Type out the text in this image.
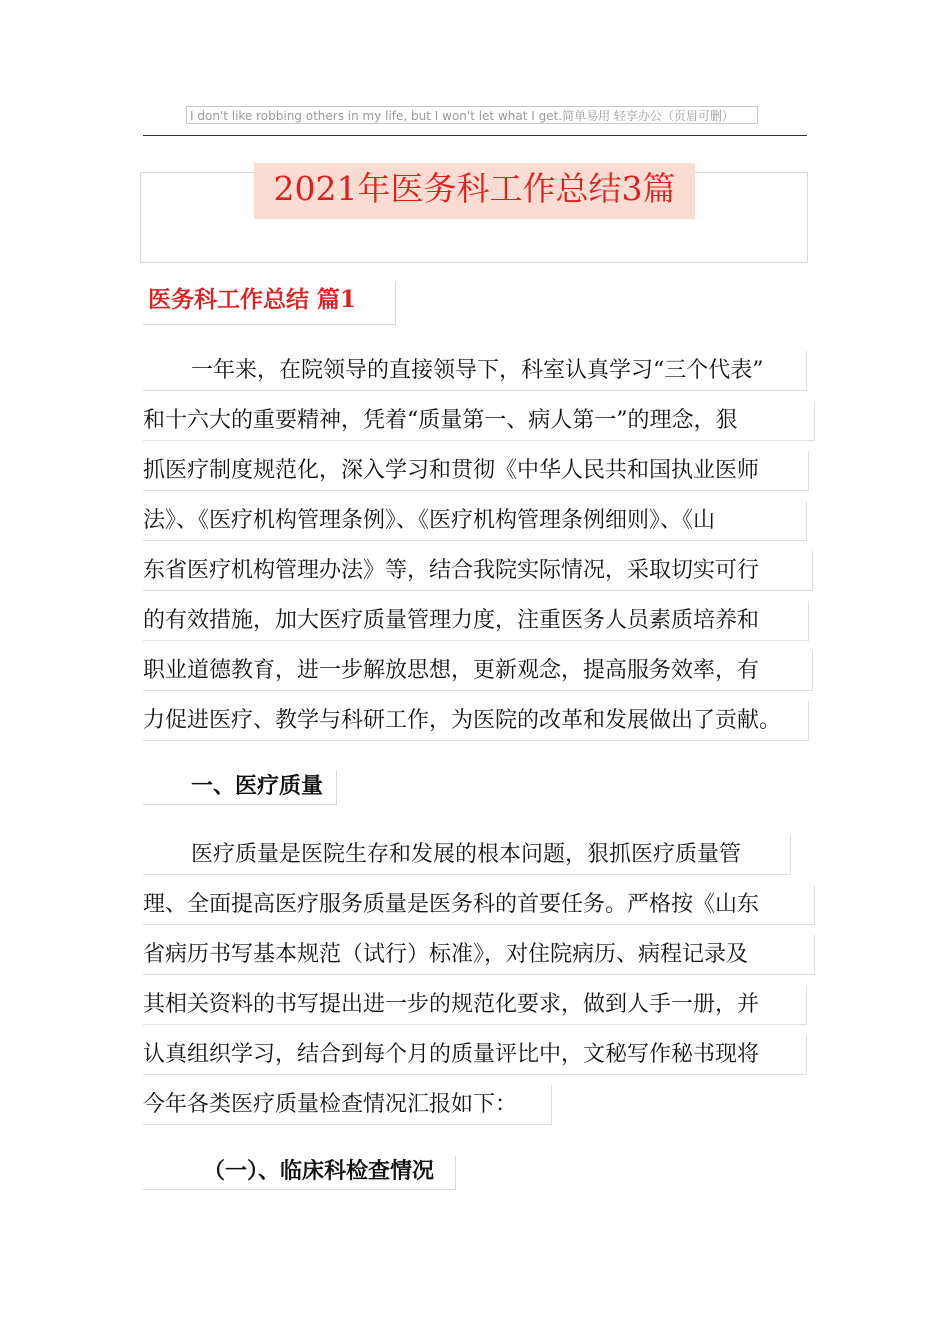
I don't like robbing others in my life, but I won't let what I get.简单易用 轻享办公（页眉可删）
2021年医务科工作总结3篇
医务科工作总结 篇1
一年来，在院领导的直接领导下，科室认真学习“三个代表”
和十六大的重要精神，凭着“质量第一、病人第一”的理念，狠
抓医疗制度规范化，深入学习和贯彻《中华人民共和国执业医师
法》、《医疗机构管理条例》、《医疗机构管理条例细则》、《山
东省医疗机构管理办法》等，结合我院实际情况，采取切实可行
的有效措施，加大医疗质量管理力度，注重医务人员素质培养和
职业道德教育，进一步解放思想，更新观念，提高服务效率，有
力促进医疗、教学与科研工作，为医院的改革和发展做出了贡献。
一、医疗质量
医疗质量是医院生存和发展的根本问题，狠抓医疗质量管
理、全面提高医疗服务质量是医务科的首要任务。严格按《山东
省病历书写基本规范（试行）标准》，对住院病历、病程记录及
其相关资料的书写提出进一步的规范化要求，做到人手一册，并
认真组织学习，结合到每个月的质量评比中，文秘写作秘书现将
今年各类医疗质量检查情况汇报如下：
（一）、临床科检查情况
